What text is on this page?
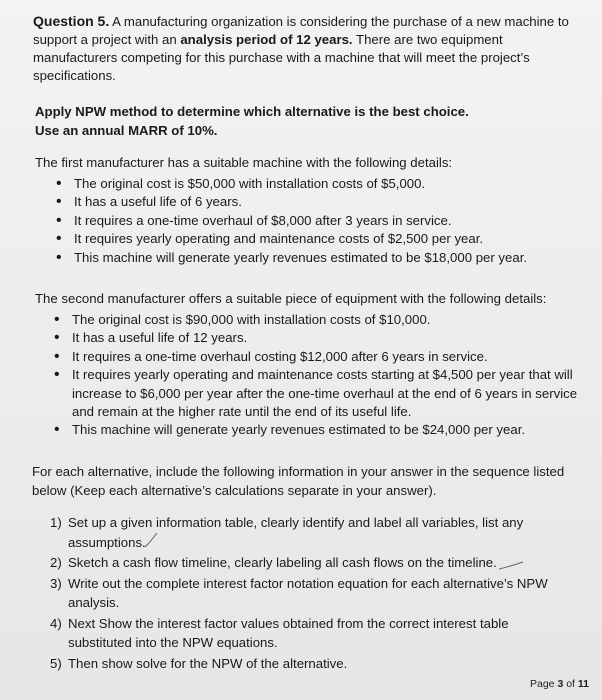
Question 5. A manufacturing organization is considering the purchase of a new machine to support a project with an analysis period of 12 years. There are two equipment manufacturers competing for this purchase with a machine that will meet the project’s specifications.
Apply NPW method to determine which alternative is the best choice.
Use an annual MARR of 10%.
The first manufacturer has a suitable machine with the following details:
• The original cost is $50,000 with installation costs of $5,000.
• It has a useful life of 6 years.
• It requires a one-time overhaul of $8,000 after 3 years in service.
• It requires yearly operating and maintenance costs of $2,500 per year.
• This machine will generate yearly revenues estimated to be $18,000 per year.
The second manufacturer offers a suitable piece of equipment with the following details:
• The original cost is $90,000 with installation costs of $10,000.
• It has a useful life of 12 years.
• It requires a one-time overhaul costing $12,000 after 6 years in service.
• It requires yearly operating and maintenance costs starting at $4,500 per year that will increase to $6,000 per year after the one-time overhaul at the end of 6 years in service and remain at the higher rate until the end of its useful life.
• This machine will generate yearly revenues estimated to be $24,000 per year.
For each alternative, include the following information in your answer in the sequence listed below (Keep each alternative’s calculations separate in your answer).
1) Set up a given information table, clearly identify and label all variables, list any assumptions.
2) Sketch a cash flow timeline, clearly labeling all cash flows on the timeline.
3) Write out the complete interest factor notation equation for each alternative’s NPW analysis.
4) Next Show the interest factor values obtained from the correct interest table substituted into the NPW equations.
5) Then show solve for the NPW of the alternative.
Page 3 of 11
